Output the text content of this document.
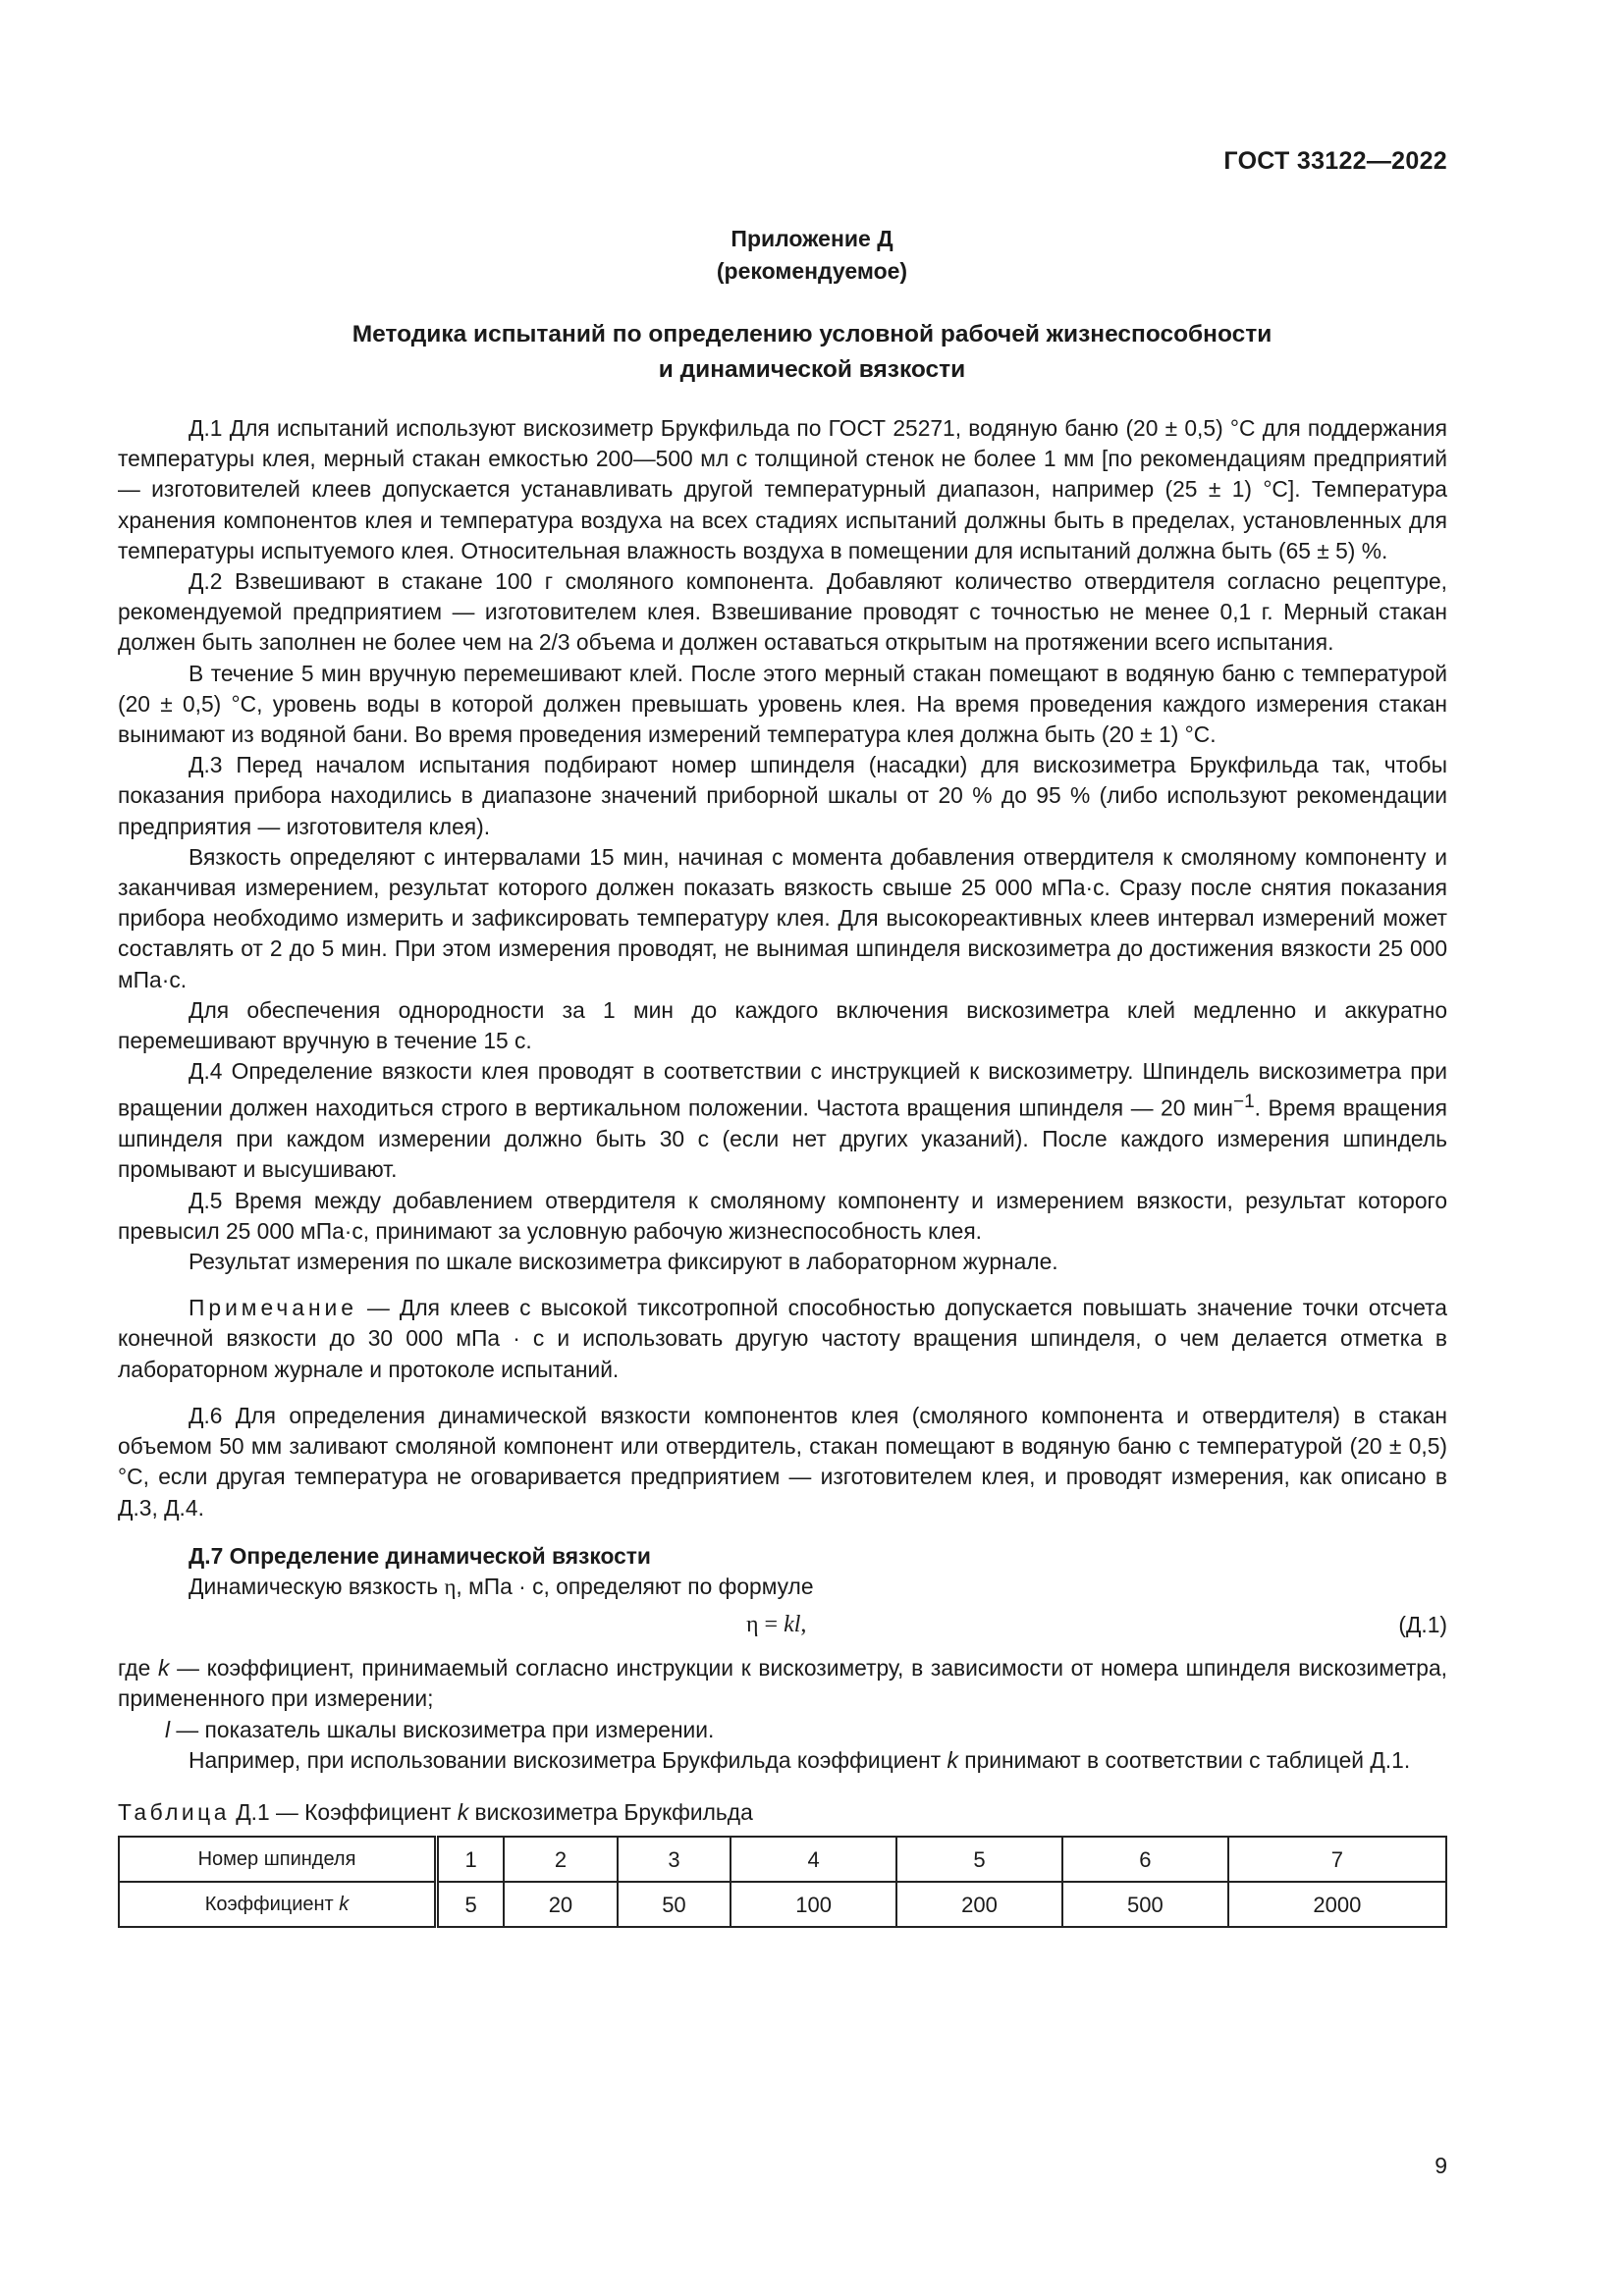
ГОСТ 33122—2022
Приложение Д
(рекомендуемое)
Методика испытаний по определению условной рабочей жизнеспособности
и динамической вязкости

Д.1 Для испытаний используют вискозиметр Брукфильда по ГОСТ 25271, водяную баню (20 ± 0,5) °С для поддержания температуры клея, мерный стакан емкостью 200—500 мл с толщиной стенок не более 1 мм [по рекомендациям предприятий — изготовителей клеев допускается устанавливать другой температурный диапазон, например (25 ± 1) °С]. Температура хранения компонентов клея и температура воздуха на всех стадиях испытаний должны быть в пределах, установленных для температуры испытуемого клея. Относительная влажность воздуха в помещении для испытаний должна быть (65 ± 5) %.

Д.2 Взвешивают в стакане 100 г смоляного компонента. Добавляют количество отвердителя согласно рецептуре, рекомендуемой предприятием — изготовителем клея. Взвешивание проводят с точностью не менее 0,1 г. Мерный стакан должен быть заполнен не более чем на 2/3 объема и должен оставаться открытым на протяжении всего испытания.

В течение 5 мин вручную перемешивают клей. После этого мерный стакан помещают в водяную баню с температурой (20 ± 0,5) °С, уровень воды в которой должен превышать уровень клея. На время проведения каждого измерения стакан вынимают из водяной бани. Во время проведения измерений температура клея должна быть (20 ± 1) °С.

Д.3 Перед началом испытания подбирают номер шпинделя (насадки) для вискозиметра Брукфильда так, чтобы показания прибора находились в диапазоне значений приборной шкалы от 20 % до 95 % (либо используют рекомендации предприятия — изготовителя клея).

Вязкость определяют с интервалами 15 мин, начиная с момента добавления отвердителя к смоляному компоненту и заканчивая измерением, результат которого должен показать вязкость свыше 25 000 мПа·с. Сразу после снятия показания прибора необходимо измерить и зафиксировать температуру клея. Для высокореактивных клеев интервал измерений может составлять от 2 до 5 мин. При этом измерения проводят, не вынимая шпинделя вискозиметра до достижения вязкости 25 000 мПа·с.

Для обеспечения однородности за 1 мин до каждого включения вискозиметра клей медленно и аккуратно перемешивают вручную в течение 15 с.

Д.4 Определение вязкости клея проводят в соответствии с инструкцией к вискозиметру. Шпиндель вискозиметра при вращении должен находиться строго в вертикальном положении. Частота вращения шпинделя — 20 мин$^{-1}$. Время вращения шпинделя при каждом измерении должно быть 30 с (если нет других указаний). После каждого измерения шпиндель промывают и высушивают.

Д.5 Время между добавлением отвердителя к смоляному компоненту и измерением вязкости, результат которого превысил 25 000 мПа·с, принимают за условную рабочую жизнеспособность клея.

Результат измерения по шкале вискозиметра фиксируют в лабораторном журнале.

Примечание — Для клеев с высокой тиксотропной способностью допускается повышать значение точки отсчета конечной вязкости до 30 000 мПа · с и использовать другую частоту вращения шпинделя, о чем делается отметка в лабораторном журнале и протоколе испытаний.

Д.6 Для определения динамической вязкости компонентов клея (смоляного компонента и отвердителя) в стакан объемом 50 мм заливают смоляной компонент или отвердитель, стакан помещают в водяную баню с температурой (20 ± 0,5) °С, если другая температура не оговаривается предприятием — изготовителем клея, и проводят измерения, как описано в Д.3, Д.4.

Д.7 Определение динамической вязкости

Динамическую вязкость η, мПа · с, определяют по формуле

η = kl,	(Д.1)

где k — коэффициент, принимаемый согласно инструкции к вискозиметру, в зависимости от номера шпинделя вискозиметра, примененного при измерении;

l — показатель шкалы вискозиметра при измерении.

Например, при использовании вискозиметра Брукфильда коэффициент k принимают в соответствии с таблицей Д.1.

Таблица Д.1 — Коэффициент k вискозиметра Брукфильда

Номер шпинделя	1	2	3	4	5	6	7
Коэффициент k	5	20	50	100	200	500	2000
9
